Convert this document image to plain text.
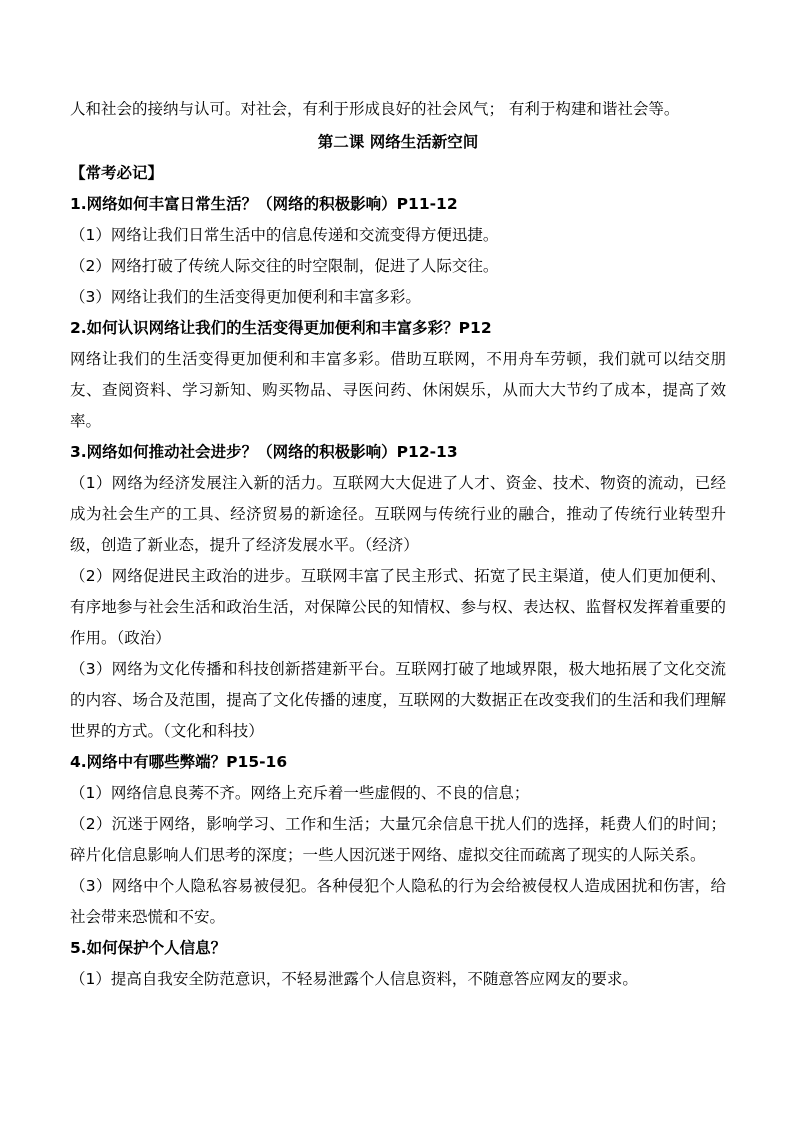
人和社会的接纳与认可。对社会，有利于形成良好的社会风气； 有利于构建和谐社会等。
第二课 网络生活新空间
【常考必记】
1.网络如何丰富日常生活？（网络的积极影响）P11-12
（1）网络让我们日常生活中的信息传递和交流变得方便迅捷。
（2）网络打破了传统人际交往的时空限制，促进了人际交往。
（3）网络让我们的生活变得更加便利和丰富多彩。
2.如何认识网络让我们的生活变得更加便利和丰富多彩？P12
网络让我们的生活变得更加便利和丰富多彩。借助互联网，不用舟车劳顿，我们就可以结交朋友、查阅资料、学习新知、购买物品、寻医问药、休闲娱乐，从而大大节约了成本，提高了效率。
3.网络如何推动社会进步？（网络的积极影响）P12-13
（1）网络为经济发展注入新的活力。互联网大大促进了人才、资金、技术、物资的流动，已经成为社会生产的工具、经济贸易的新途径。互联网与传统行业的融合，推动了传统行业转型升级，创造了新业态，提升了经济发展水平。（经济）
（2）网络促进民主政治的进步。互联网丰富了民主形式、拓宽了民主渠道，使人们更加便利、有序地参与社会生活和政治生活，对保障公民的知情权、参与权、表达权、监督权发挥着重要的作用。（政治）
（3）网络为文化传播和科技创新搭建新平台。互联网打破了地域界限，极大地拓展了文化交流的内容、场合及范围，提高了文化传播的速度，互联网的大数据正在改变我们的生活和我们理解世界的方式。（文化和科技）
4.网络中有哪些弊端？P15-16
（1）网络信息良莠不齐。网络上充斥着一些虚假的、不良的信息；
（2）沉迷于网络，影响学习、工作和生活；大量冗余信息干扰人们的选择，耗费人们的时间；碎片化信息影响人们思考的深度；一些人因沉迷于网络、虚拟交往而疏离了现实的人际关系。
（3）网络中个人隐私容易被侵犯。各种侵犯个人隐私的行为会给被侵权人造成困扰和伤害，给社会带来恐慌和不安。
5.如何保护个人信息？
（1）提高自我安全防范意识，不轻易泄露个人信息资料，不随意答应网友的要求。
